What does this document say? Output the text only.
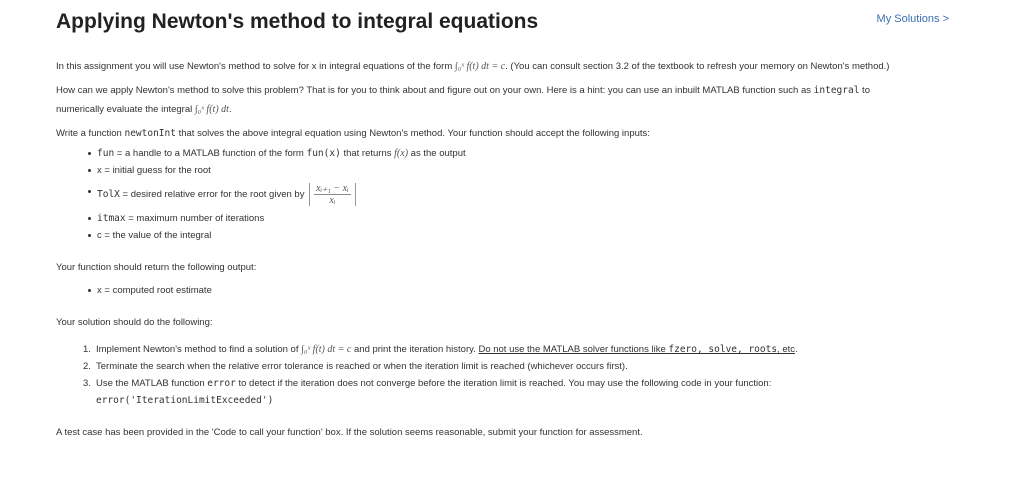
Applying Newton's method to integral equations	My Solutions >

In this assignment you will use Newton's method to solve for x in integral equations of the form ∫₀ˣ f(t) dt = c. (You can consult section 3.2 of the textbook to refresh your memory on Newton's method.)

How can we apply Newton's method to solve this problem? That is for you to think about and figure out on your own. Here is a hint: you can use an inbuilt MATLAB function such as integral to numerically evaluate the integral ∫₀ˣ f(t) dt.

Write a function newtonInt that solves the above integral equation using Newton's method. Your function should accept the following inputs:

fun = a handle to a MATLAB function of the form fun(x) that returns f(x) as the output
x = initial guess for the root
TolX = desired relative error for the root given by $\frac{\text{xᵢ₊₁ − xᵢ}}{\text{xᵢ}}$
itmax = maximum number of iterations
c = the value of the integral

Your function should return the following output:

x = computed root estimate

Your solution should do the following:

1. Implement Newton's method to find a solution of ∫₀ˣ f(t) dt = c and print the iteration history. Do not use the MATLAB solver functions like fzero, solve, roots, etc.
2. Terminate the search when the relative error tolerance is reached or when the iteration limit is reached (whichever occurs first).
3. Use the MATLAB function error to detect if the iteration does not converge before the iteration limit is reached. You may use the following code in your function:
error('IterationLimitExceeded')

A test case has been provided in the 'Code to call your function' box. If the solution seems reasonable, submit your function for assessment.
